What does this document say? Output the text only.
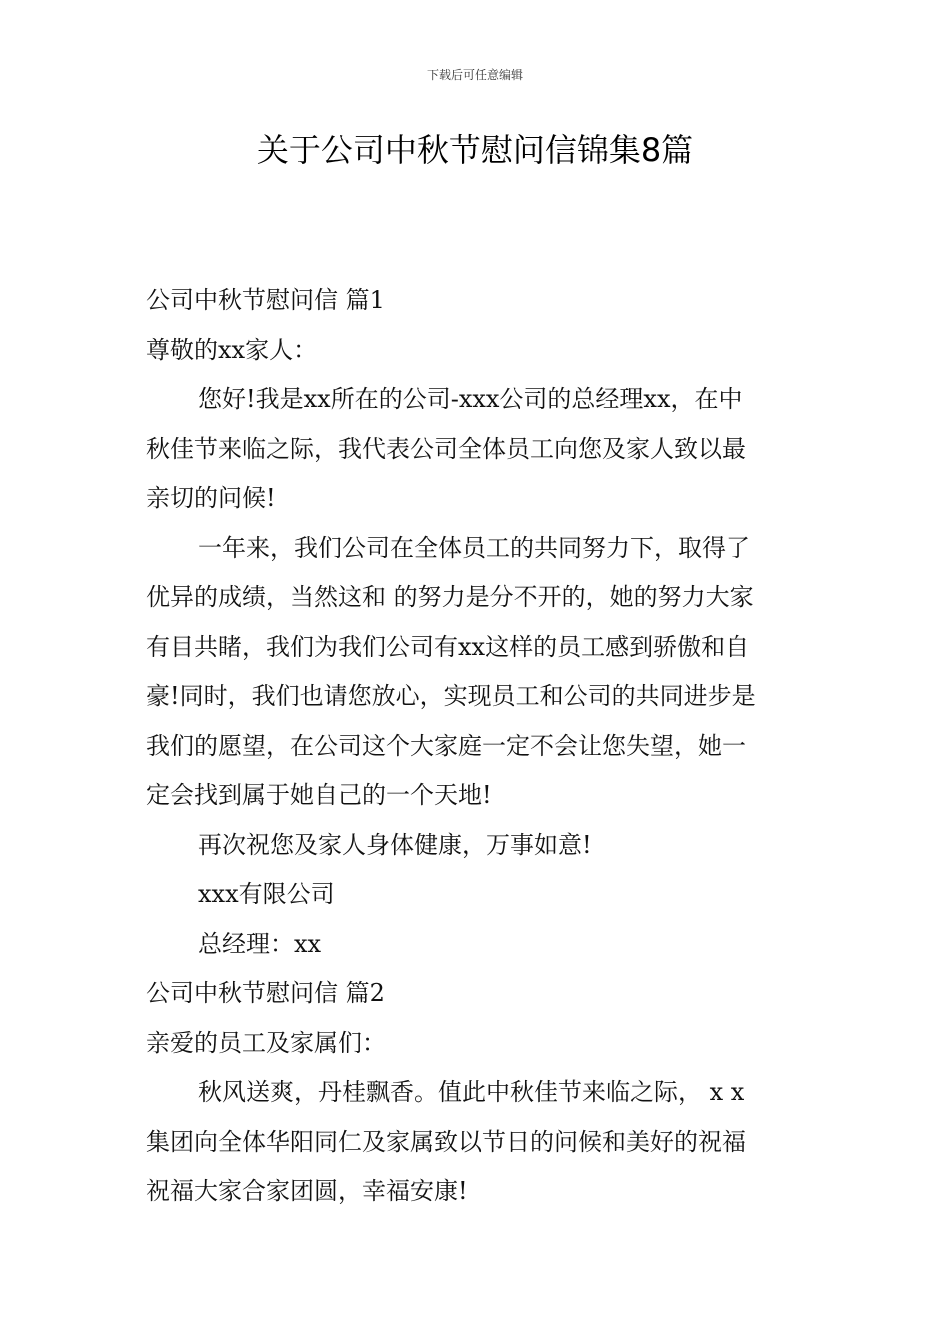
下载后可任意编辑
关于公司中秋节慰问信锦集8篇

公司中秋节慰问信 篇1

尊敬的xx家人：

您好!我是xx所在的公司-xxx公司的总经理xx，在中

秋佳节来临之际，我代表公司全体员工向您及家人致以最

亲切的问候!

一年来，我们公司在全体员工的共同努力下，取得了

优异的成绩，当然这和 的努力是分不开的，她的努力大家

有目共睹，我们为我们公司有xx这样的员工感到骄傲和自

豪!同时，我们也请您放心，实现员工和公司的共同进步是

我们的愿望，在公司这个大家庭一定不会让您失望，她一

定会找到属于她自己的一个天地!

再次祝您及家人身体健康，万事如意!

xxx有限公司

总经理：xx

公司中秋节慰问信 篇2

亲爱的员工及家属们：

秋风送爽，丹桂飘香。值此中秋佳节来临之际， x x

集团向全体华阳同仁及家属致以节日的问候和美好的祝福

祝福大家合家团圆，幸福安康!
